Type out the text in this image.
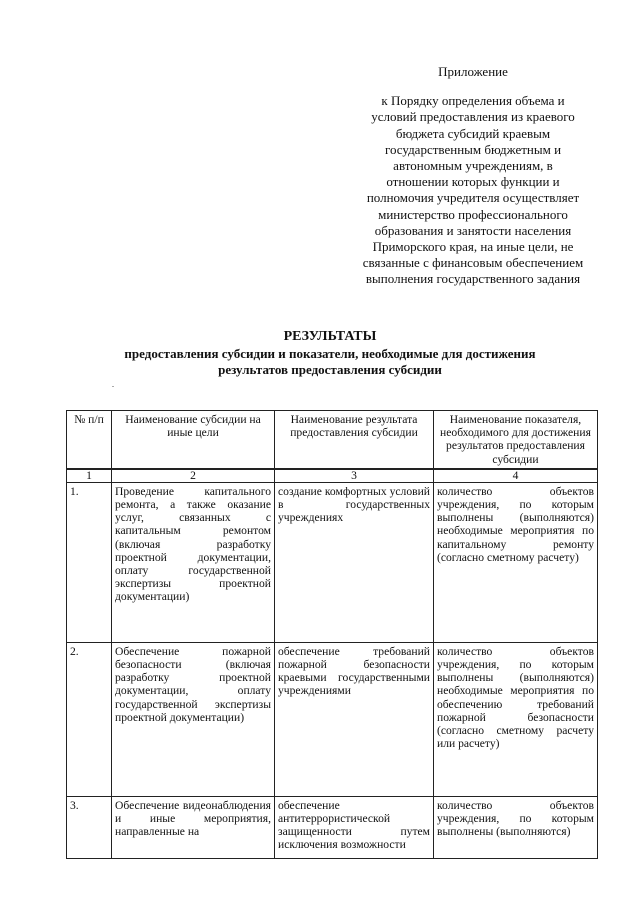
Приложение
к Порядку определения объема и
условий предоставления из краевого
бюджета субсидий краевым
государственным бюджетным и
автономным учреждениям, в
отношении которых функции и
полномочия учредителя осуществляет
министерство профессионального
образования и занятости населения
Приморского края, на иные цели, не
связанные с финансовым обеспечением
выполнения государственного задания
РЕЗУЛЬТАТЫ
предоставления субсидии и показатели, необходимые для достижения
результатов предоставления субсидии
№ п/п	Наименование субсидии на иные цели	Наименование результата предоставления субсидии	Наименование показателя, необходимого для достижения результатов предоставления субсидии
1	2	3	4
1.	Проведение капитального ремонта, а также оказание услуг, связанных с капитальным ремонтом (включая разработку проектной документации, оплату государственной экспертизы проектной документации)	создание комфортных условий в государственных учреждениях	количество объектов учреждения, по которым выполнены (выполняются) необходимые мероприятия по капитальному ремонту (согласно сметному расчету)
2.	Обеспечение пожарной безопасности (включая разработку проектной документации, оплату государственной экспертизы проектной документации)	обеспечение требований пожарной безопасности краевыми государственными учреждениями	количество объектов учреждения, по которым выполнены (выполняются) необходимые мероприятия по обеспечению требований пожарной безопасности (согласно сметному расчету или расчету)
3.	Обеспечение видеонаблюдения и иные мероприятия, направленные на	обеспечение антитеррористической защищенности путем исключения возможности	количество объектов учреждения, по которым выполнены (выполняются)
